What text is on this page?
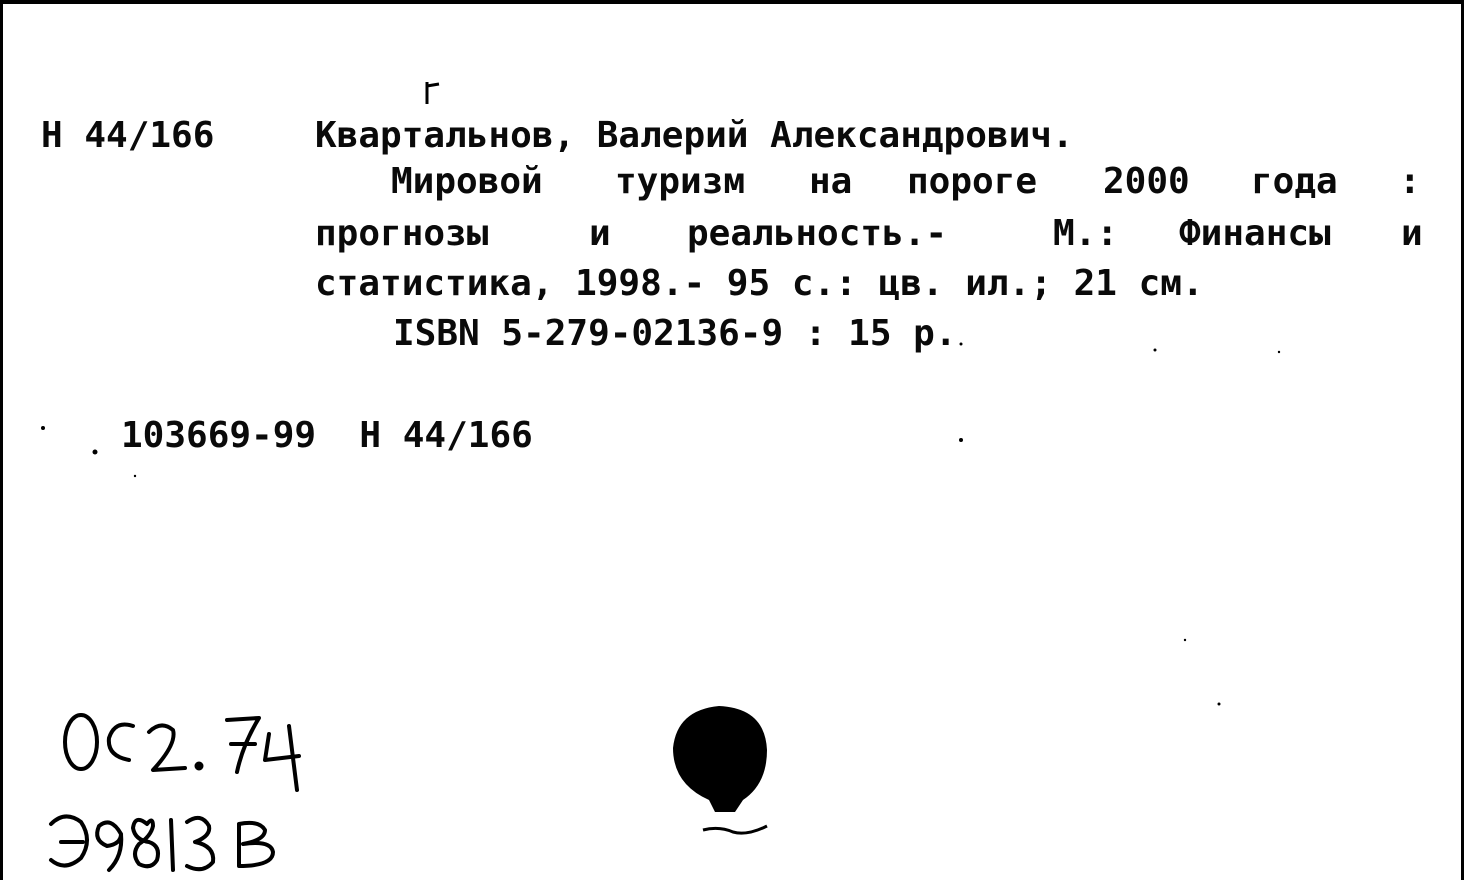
Н 44/166	Квартальнов, Валерий Александрович.
Мировой туризм на пороге 2000 года :
прогнозы	и реальность.-	М.: Финансы и
статистика, 1998.- 95 с.: цв. ил.; 21 см.
ISBN 5-279-02136-9 : 15 р.
103669-99  Н 44/166
